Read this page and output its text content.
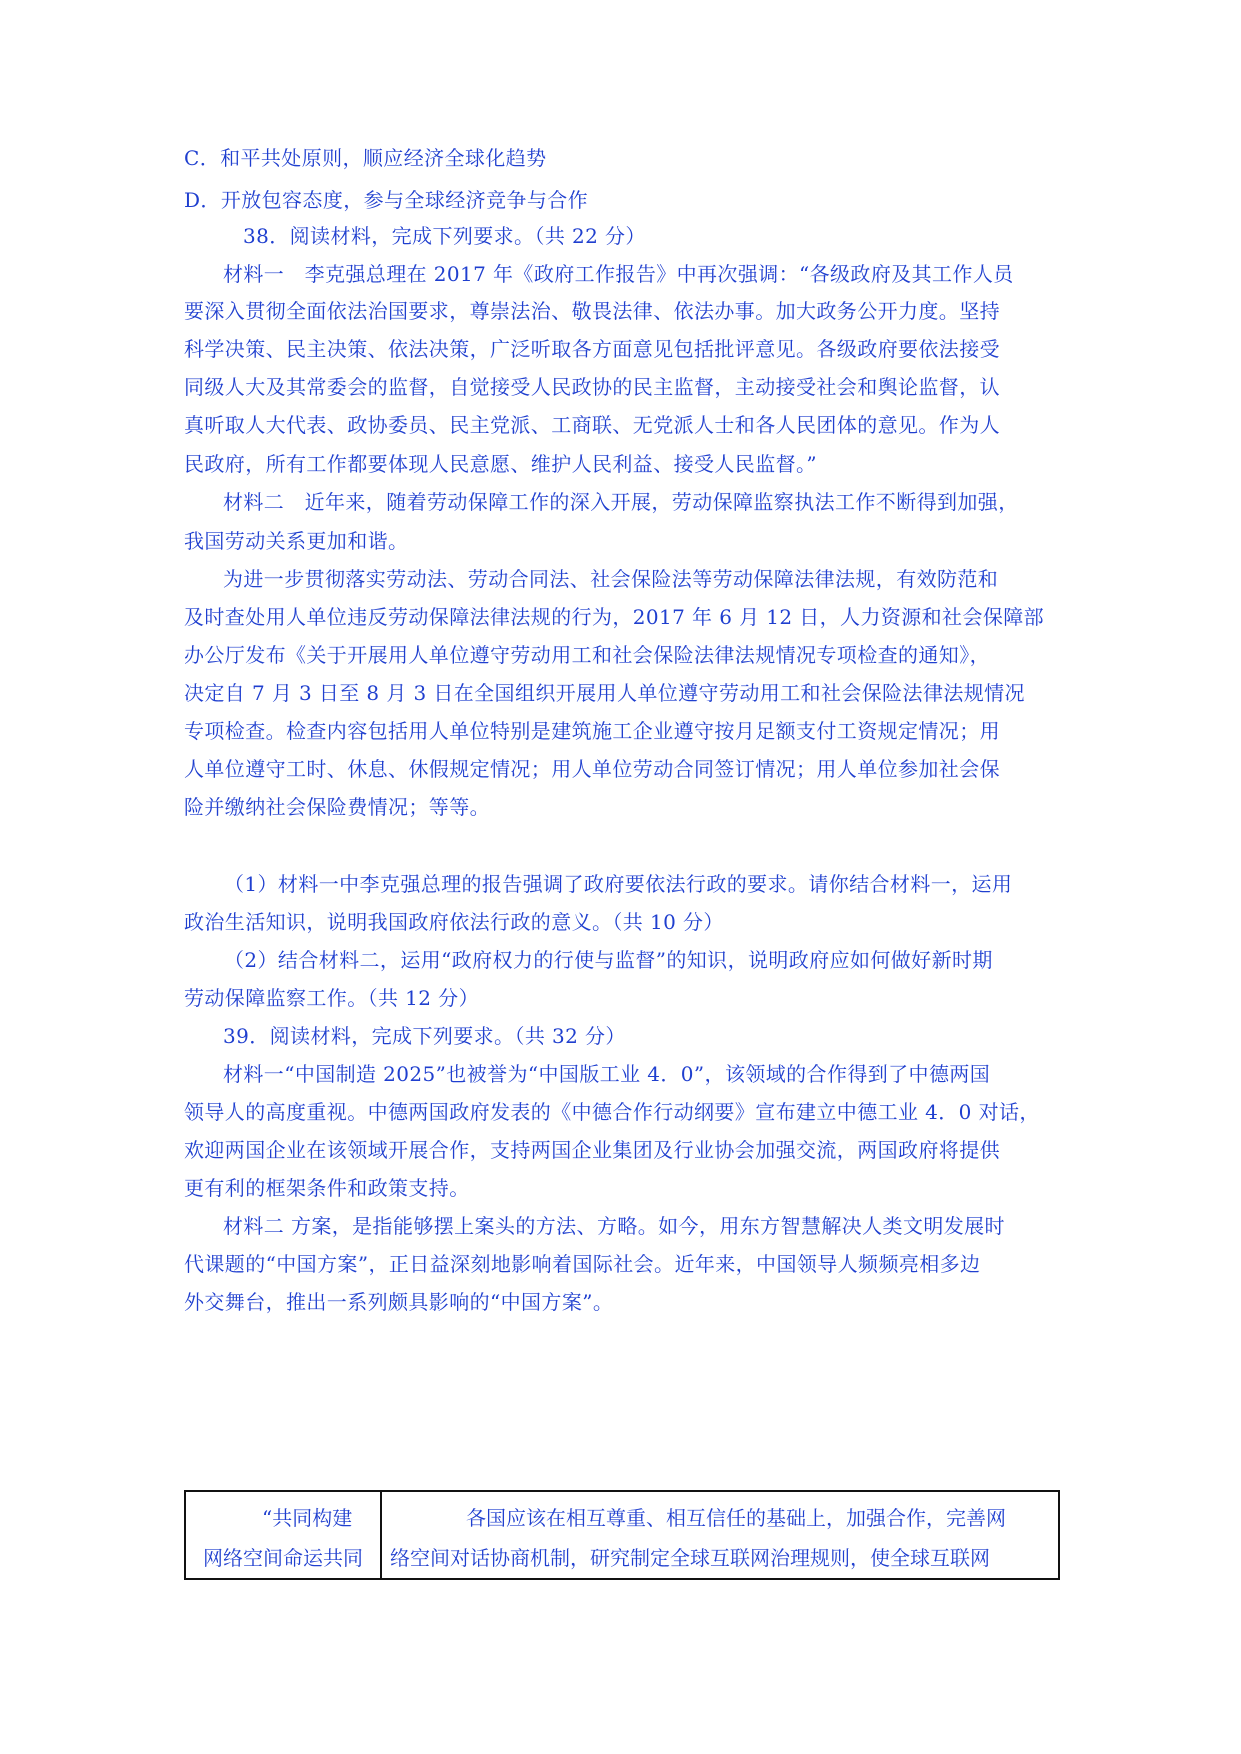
C．和平共处原则，顺应经济全球化趋势
D．开放包容态度，参与全球经济竞争与合作
38．阅读材料，完成下列要求。（共 22 分）
材料一　李克强总理在 2017 年《政府工作报告》中再次强调：“各级政府及其工作人员
要深入贯彻全面依法治国要求，尊崇法治、敬畏法律、依法办事。加大政务公开力度。坚持
科学决策、民主决策、依法决策，广泛听取各方面意见包括批评意见。各级政府要依法接受
同级人大及其常委会的监督，自觉接受人民政协的民主监督，主动接受社会和舆论监督，认
真听取人大代表、政协委员、民主党派、工商联、无党派人士和各人民团体的意见。作为人
民政府，所有工作都要体现人民意愿、维护人民利益、接受人民监督。”
材料二　近年来，随着劳动保障工作的深入开展，劳动保障监察执法工作不断得到加强，
我国劳动关系更加和谐。
为进一步贯彻落实劳动法、劳动合同法、社会保险法等劳动保障法律法规，有效防范和
及时查处用人单位违反劳动保障法律法规的行为，2017 年 6 月 12 日，人力资源和社会保障部
办公厅发布《关于开展用人单位遵守劳动用工和社会保险法律法规情况专项检查的通知》，
决定自 7 月 3 日至 8 月 3 日在全国组织开展用人单位遵守劳动用工和社会保险法律法规情况
专项检查。检查内容包括用人单位特别是建筑施工企业遵守按月足额支付工资规定情况；用
人单位遵守工时、休息、休假规定情况；用人单位劳动合同签订情况；用人单位参加社会保
险并缴纳社会保险费情况；等等。
（1）材料一中李克强总理的报告强调了政府要依法行政的要求。请你结合材料一，运用
政治生活知识，说明我国政府依法行政的意义。（共 10 分）
（2）结合材料二，运用“政府权力的行使与监督”的知识，说明政府应如何做好新时期
劳动保障监察工作。（共 12 分）
39．阅读材料，完成下列要求。（共 32 分）
材料一“中国制造 2025”也被誉为“中国版工业 4．0”，该领域的合作得到了中德两国
领导人的高度重视。中德两国政府发表的《中德合作行动纲要》宣布建立中德工业 4．0 对话，
欢迎两国企业在该领域开展合作，支持两国企业集团及行业协会加强交流，两国政府将提供
更有利的框架条件和政策支持。
材料二 方案，是指能够摆上案头的方法、方略。如今，用东方智慧解决人类文明发展时
代课题的“中国方案”，正日益深刻地影响着国际社会。近年来，中国领导人频频亮相多边
外交舞台，推出一系列颇具影响的“中国方案”。
“共同构建
网络空间命运共同

各国应该在相互尊重、相互信任的基础上，加强合作，完善网
络空间对话协商机制，研究制定全球互联网治理规则，使全球互联网
